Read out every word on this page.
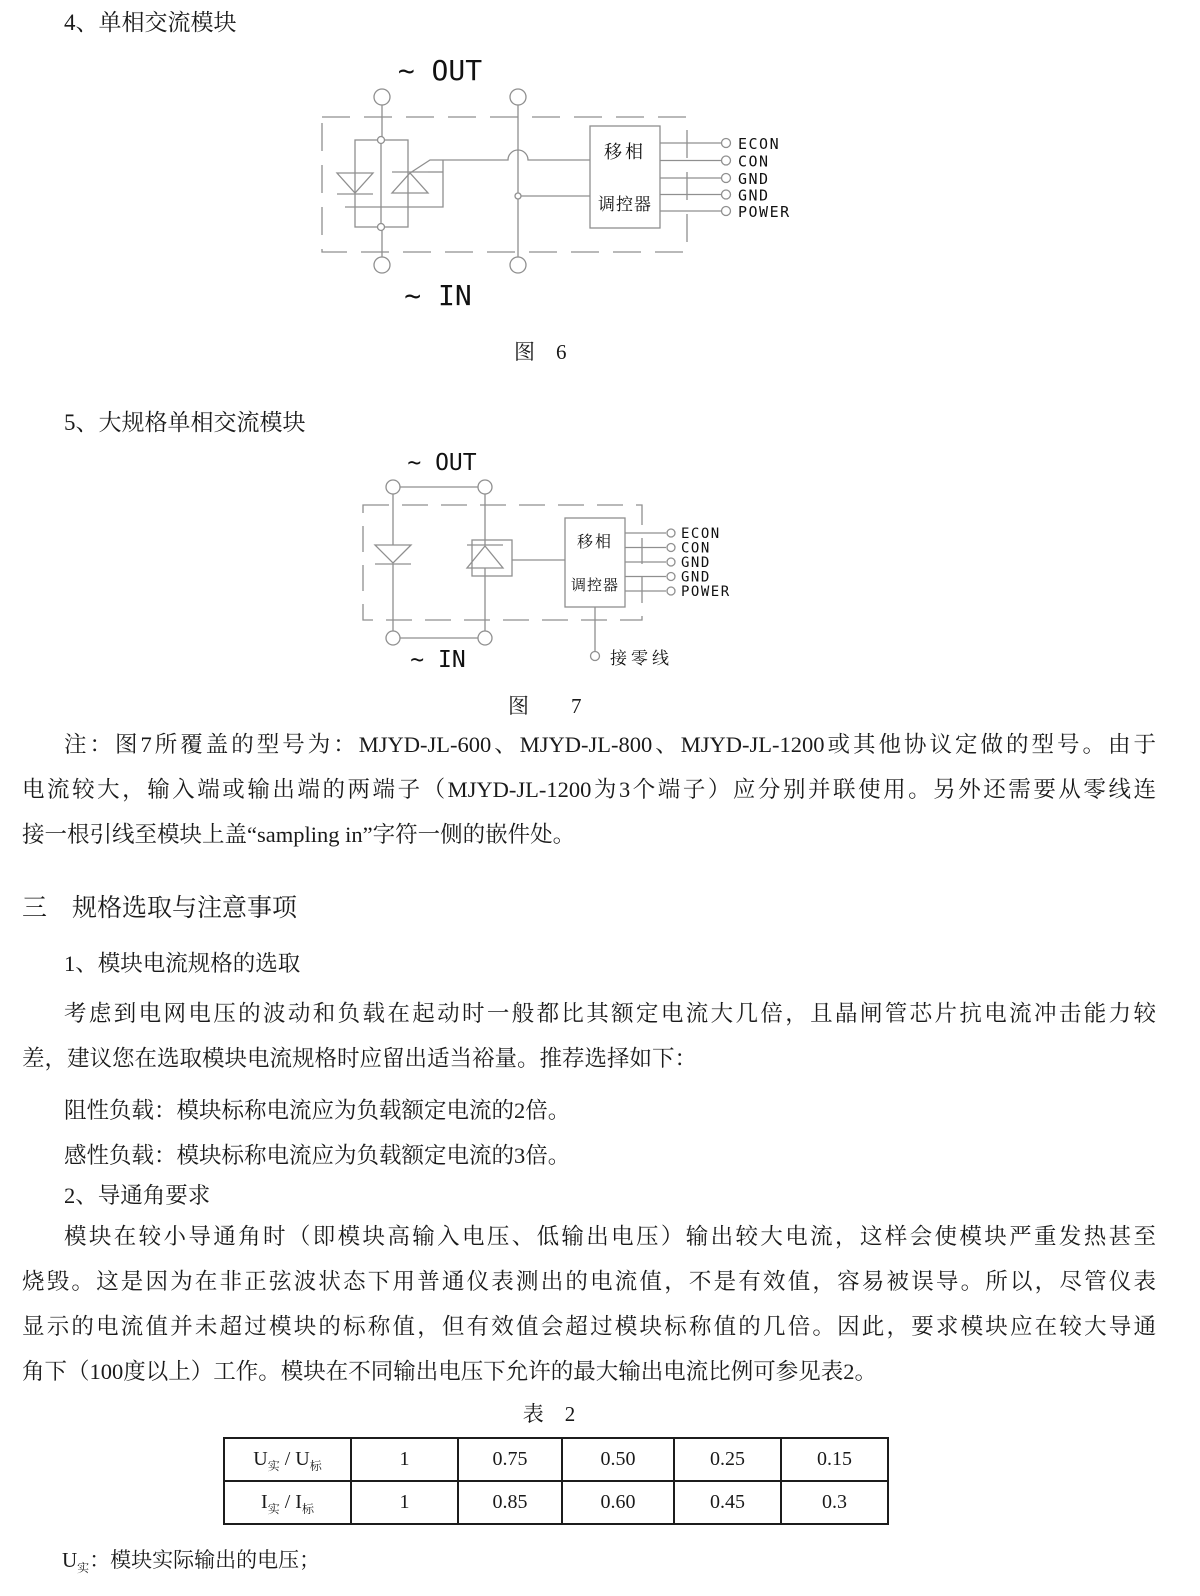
4、单相交流模块
~ OUT
移相
调控器
ECON
CON
GND
GND
POWER
~ IN
图　6
5、大规格单相交流模块
~ OUT
移相
调控器
ECON
CON
GND
GND
POWER
接零线
~ IN
图　　7
注：图7所覆盖的型号为：MJYD-JL-600、MJYD-JL-800、MJYD-JL-1200或其他协议定做的型号。由于
电流较大，输入端或输出端的两端子（MJYD-JL-1200为3个端子）应分别并联使用。另外还需要从零线连
接一根引线至模块上盖“sampling in”字符一侧的嵌件处。
三　规格选取与注意事项
1、模块电流规格的选取
考虑到电网电压的波动和负载在起动时一般都比其额定电流大几倍，且晶闸管芯片抗电流冲击能力较
差，建议您在选取模块电流规格时应留出适当裕量。推荐选择如下：
阻性负载：模块标称电流应为负载额定电流的2倍。
感性负载：模块标称电流应为负载额定电流的3倍。
2、导通角要求
模块在较小导通角时（即模块高输入电压、低输出电压）输出较大电流，这样会使模块严重发热甚至
烧毁。这是因为在非正弦波状态下用普通仪表测出的电流值，不是有效值，容易被误导。所以，尽管仪表
显示的电流值并未超过模块的标称值，但有效值会超过模块标称值的几倍。因此，要求模块应在较大导通
角下（100度以上）工作。模块在不同输出电压下允许的最大输出电流比例可参见表2。
表　2
$U_实 / U_标$	1	0.75	0.50	0.25	0.15
$I_实 / I_标$	1	0.85	0.60	0.45	0.3
$U_实$：模块实际输出的电压；
